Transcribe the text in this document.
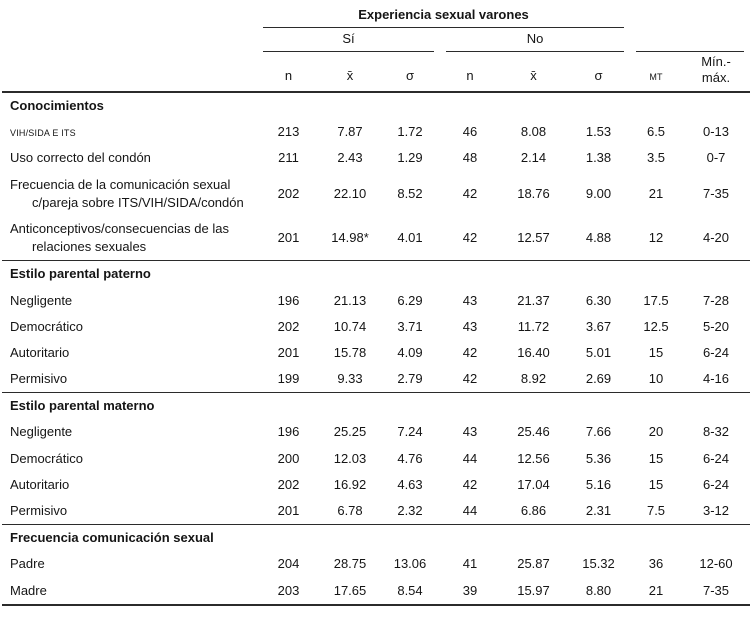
	Experiencia sexual varones							

	Sí			No				

	n	x̄	σ	n	x̄	σ	MT	Mín.-
máx.
Conocimientos								
VIH/SIDA e ITS	213	7.87	1.72	46	8.08	1.53	6.5	0-13
Uso correcto del condón	211	2.43	1.29	48	2.14	1.38	3.5	0-7
Frecuencia de la comunicación sexual c/pareja sobre ITS/VIH/SIDA/condón	202	22.10	8.52	42	18.76	9.00	21	7-35
Anticonceptivos/consecuencias de las relaciones sexuales	201	14.98*	4.01	42	12.57	4.88	12	4-20
Estilo parental paterno								
Negligente	196	21.13	6.29	43	21.37	6.30	17.5	7-28
Democrático	202	10.74	3.71	43	11.72	3.67	12.5	5-20
Autoritario	201	15.78	4.09	42	16.40	5.01	15	6-24
Permisivo	199	9.33	2.79	42	8.92	2.69	10	4-16
Estilo parental materno								
Negligente	196	25.25	7.24	43	25.46	7.66	20	8-32
Democrático	200	12.03	4.76	44	12.56	5.36	15	6-24
Autoritario	202	16.92	4.63	42	17.04	5.16	15	6-24
Permisivo	201	6.78	2.32	44	6.86	2.31	7.5	3-12
Frecuencia comunicación sexual								
Padre	204	28.75	13.06	41	25.87	15.32	36	12-60
Madre	203	17.65	8.54	39	15.97	8.80	21	7-35
